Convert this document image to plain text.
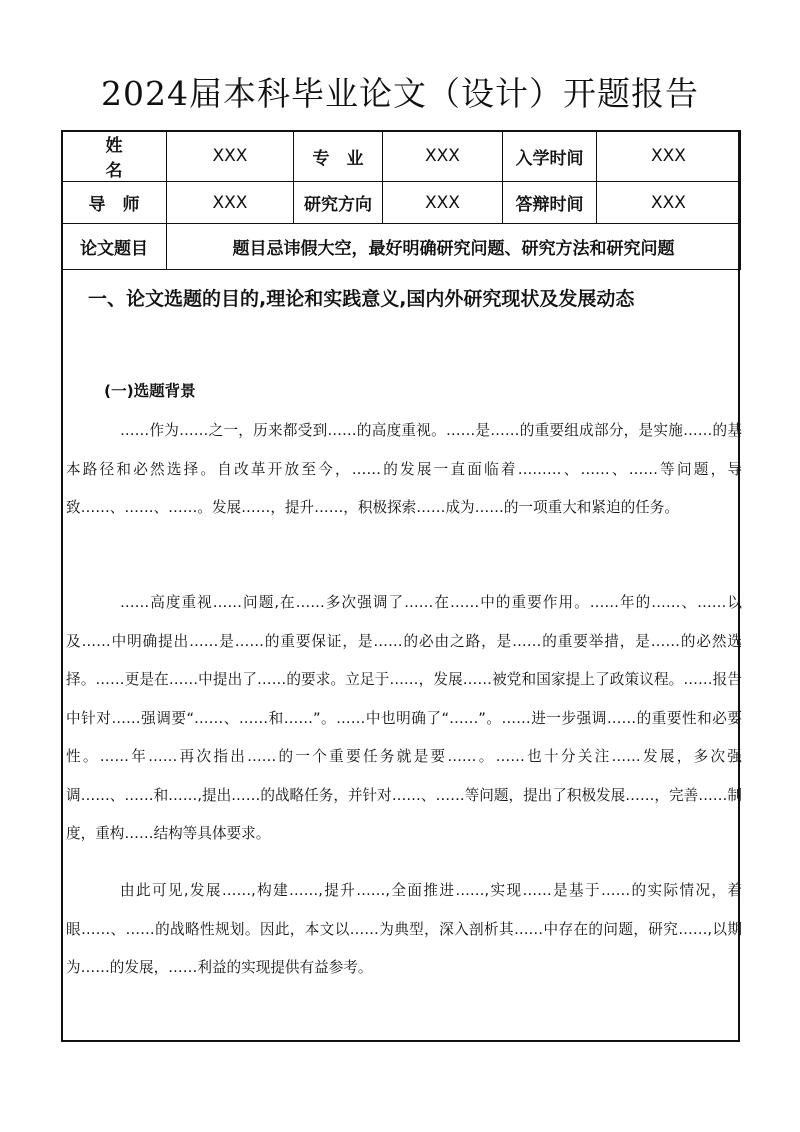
2024届本科毕业论文（设计）开题报告
姓　名	XXX	专　业	XXX	入学时间	XXX
导　师	XXX	研究方向	XXX	答辩时间	XXX
论文题目	题目忌讳假大空，最好明确研究问题、研究方法和研究问题				
一、论文选题的目的,理论和实践意义,国内外研究现状及发展动态
(一)选题背景

……作为……之一，历来都受到……的高度重视。……是……的重要组成部分，是实施……的基本路径和必然选择。自改革开放至今，……的发展一直面临着………、……、……等问题，导致……、……、……。发展……，提升……，积极探索……成为……的一项重大和紧迫的任务。

……高度重视……问题,在……多次强调了……在……中的重要作用。……年的……、……以及……中明确提出……是……的重要保证，是……的必由之路，是……的重要举措，是……的必然选择。……更是在……中提出了……的要求。立足于……，发展……被党和国家提上了政策议程。……报告中针对……强调要“……、……和……”。……中也明确了“……”。……进一步强调……的重要性和必要性。……年……再次指出……的一个重要任务就是要……。……也十分关注……发展，多次强调……、……和……,提出……的战略任务，并针对……、……等问题，提出了积极发展……，完善……制度，重构……结构等具体要求。

由此可见,发展……,构建……,提升……,全面推进……,实现……是基于……的实际情况，着眼……、……的战略性规划。因此，本文以……为典型，深入剖析其……中存在的问题，研究……,以期为……的发展，……利益的实现提供有益参考。
